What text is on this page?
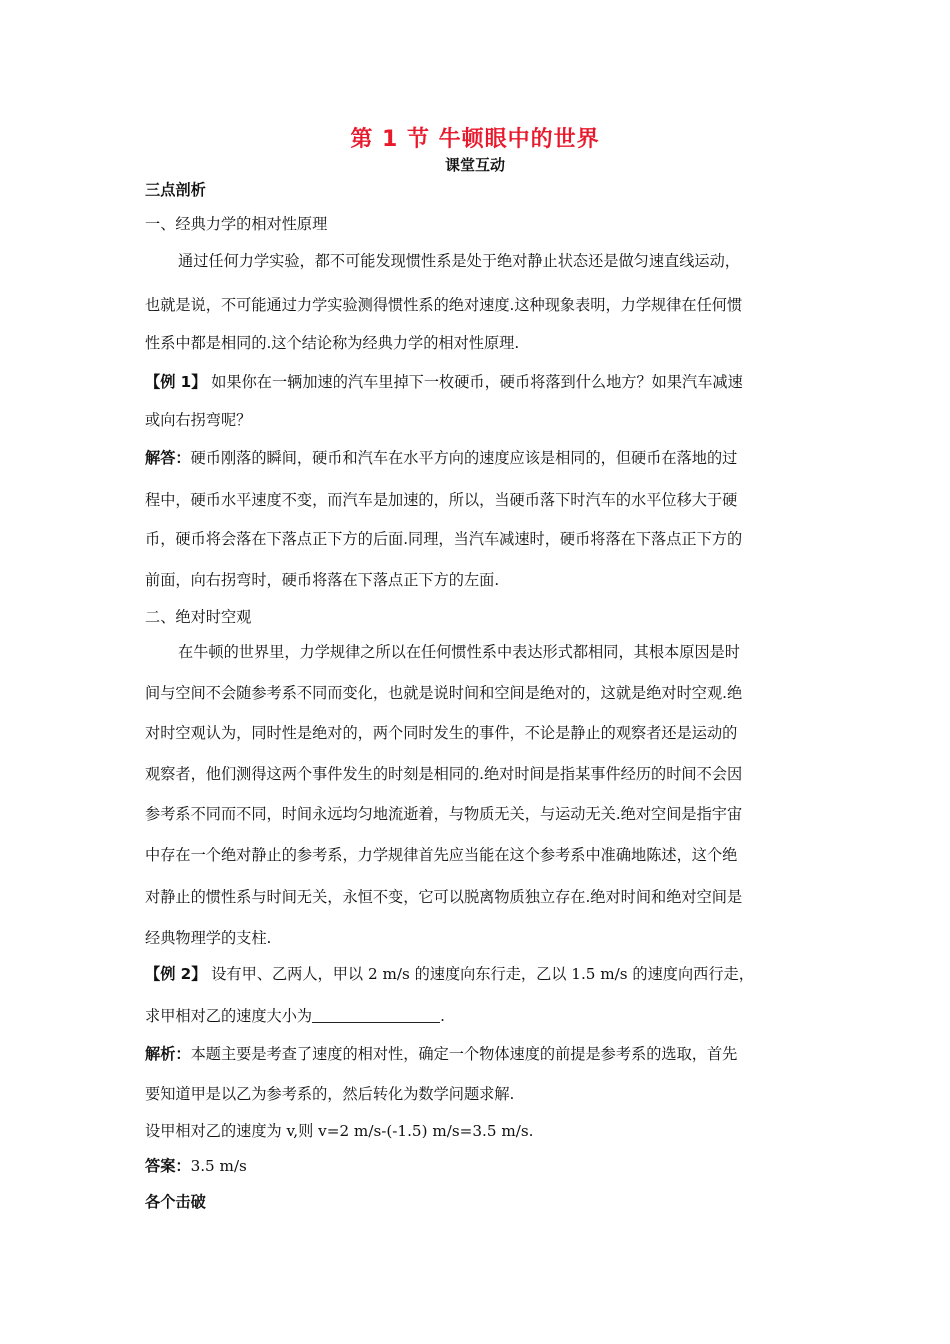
第 1 节 牛顿眼中的世界
课堂互动
三点剖析
一、经典力学的相对性原理
通过任何力学实验，都不可能发现惯性系是处于绝对静止状态还是做匀速直线运动，
也就是说，不可能通过力学实验测得惯性系的绝对速度.这种现象表明，力学规律在任何惯
性系中都是相同的.这个结论称为经典力学的相对性原理.
【例 1】 如果你在一辆加速的汽车里掉下一枚硬币，硬币将落到什么地方？如果汽车减速
或向右拐弯呢？
解答：硬币刚落的瞬间，硬币和汽车在水平方向的速度应该是相同的，但硬币在落地的过
程中，硬币水平速度不变，而汽车是加速的，所以，当硬币落下时汽车的水平位移大于硬
币，硬币将会落在下落点正下方的后面.同理，当汽车减速时，硬币将落在下落点正下方的
前面，向右拐弯时，硬币将落在下落点正下方的左面.
二、绝对时空观
在牛顿的世界里，力学规律之所以在任何惯性系中表达形式都相同，其根本原因是时
间与空间不会随参考系不同而变化，也就是说时间和空间是绝对的，这就是绝对时空观.绝
对时空观认为，同时性是绝对的，两个同时发生的事件，不论是静止的观察者还是运动的
观察者，他们测得这两个事件发生的时刻是相同的.绝对时间是指某事件经历的时间不会因
参考系不同而不同，时间永远均匀地流逝着，与物质无关，与运动无关.绝对空间是指宇宙
中存在一个绝对静止的参考系，力学规律首先应当能在这个参考系中准确地陈述，这个绝
对静止的惯性系与时间无关，永恒不变，它可以脱离物质独立存在.绝对时间和绝对空间是
经典物理学的支柱.
【例 2】 设有甲、乙两人，甲以 2 m/s 的速度向东行走，乙以 1.5 m/s 的速度向西行走，
求甲相对乙的速度大小为	.
解析：本题主要是考查了速度的相对性，确定一个物体速度的前提是参考系的选取，首先
要知道甲是以乙为参考系的，然后转化为数学问题求解.
设甲相对乙的速度为 v,则 v=2 m/s-(-1.5) m/s=3.5 m/s.
答案：3.5 m/s
各个击破
